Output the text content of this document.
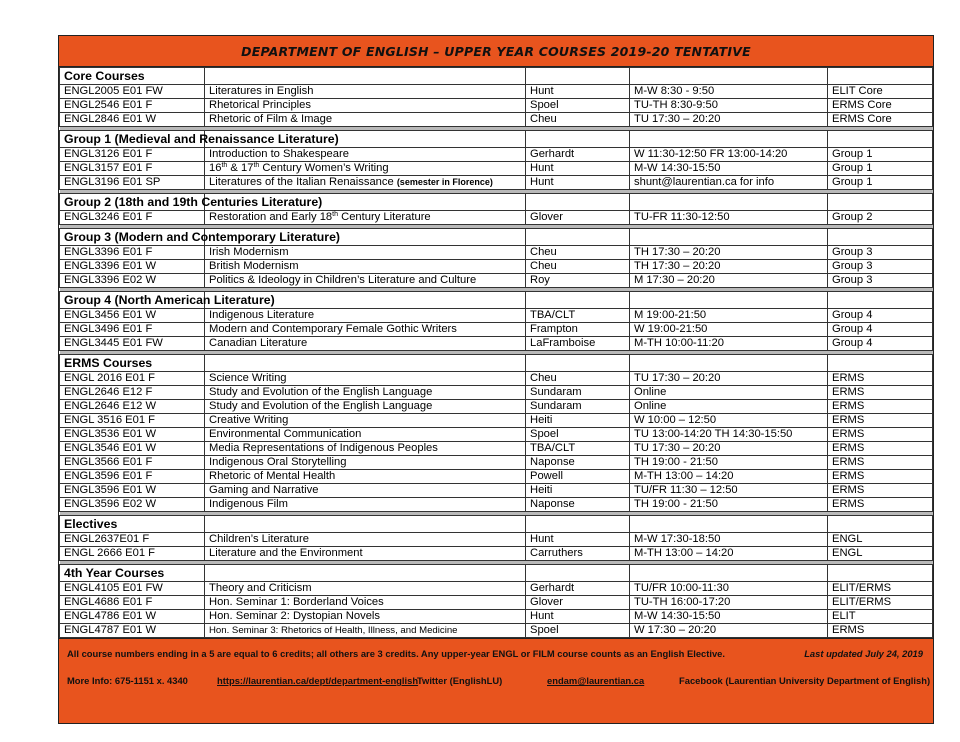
DEPARTMENT OF ENGLISH – UPPER YEAR COURSES 2019-20 TENTATIVE
Core Courses				
ENGL2005 E01 FW	Literatures in English	Hunt	M-W 8:30 - 9:50	ELIT Core
ENGL2546 E01 F	Rhetorical Principles	Spoel	TU-TH 8:30-9:50	ERMS Core
ENGL2846 E01 W	Rhetoric of Film & Image	Cheu	TU 17:30 – 20:20	ERMS Core

Group 1 (Medieval and Renaissance Literature)				
ENGL3126 E01 F	Introduction to Shakespeare	Gerhardt	W 11:30-12:50 FR 13:00-14:20	Group 1
ENGL3157 E01 F	16th & 17th Century Women’s Writing	Hunt	M-W 14:30-15:50	Group 1
ENGL3196 E01 SP	Literatures of the Italian Renaissance (semester in Florence)	Hunt	shunt@laurentian.ca for info	Group 1

Group 2 (18th and 19th Centuries Literature)				
ENGL3246 E01 F	Restoration and Early 18th Century Literature	Glover	TU-FR 11:30-12:50	Group 2

Group 3 (Modern and Contemporary Literature)				
ENGL3396 E01 F	Irish Modernism	Cheu	TH 17:30 – 20:20	Group 3
ENGL3396 E01 W	British Modernism	Cheu	TH 17:30 – 20:20	Group 3
ENGL3396 E02 W	Politics & Ideology in Children’s Literature and Culture	Roy	M 17:30 – 20:20	Group 3

Group 4 (North American Literature)				
ENGL3456 E01 W	Indigenous Literature	TBA/CLT	M 19:00-21:50	Group 4
ENGL3496 E01 F	Modern and Contemporary Female Gothic Writers	Frampton	W 19:00-21:50	Group 4
ENGL3445 E01 FW	Canadian Literature	LaFramboise	M-TH 10:00-11:20	Group 4

ERMS Courses				
ENGL 2016 E01 F	Science Writing	Cheu	TU 17:30 – 20:20	ERMS
ENGL2646 E12 F	Study and Evolution of the English Language	Sundaram	Online	ERMS
ENGL2646 E12 W	Study and Evolution of the English Language	Sundaram	Online	ERMS
ENGL 3516 E01 F	Creative Writing	Heiti	W 10:00 – 12:50	ERMS
ENGL3536 E01 W	Environmental Communication	Spoel	TU 13:00-14:20 TH 14:30-15:50	ERMS
ENGL3546 E01 W	Media Representations of Indigenous Peoples	TBA/CLT	TU 17:30 – 20:20	ERMS
ENGL3566 E01 F	Indigenous Oral Storytelling	Naponse	TH 19:00 - 21:50	ERMS
ENGL3596 E01 F	Rhetoric of Mental Health	Powell	M-TH 13:00 – 14:20	ERMS
ENGL3596 E01 W	Gaming and Narrative	Heiti	TU/FR 11:30 – 12:50	ERMS
ENGL3596 E02 W	Indigenous Film	Naponse	TH 19:00 - 21:50	ERMS

Electives				
ENGL2637E01 F	Children’s Literature	Hunt	M-W 17:30-18:50	ENGL
ENGL 2666 E01 F	Literature and the Environment	Carruthers	M-TH 13:00 – 14:20	ENGL

4th Year Courses				
ENGL4105 E01 FW	Theory and Criticism	Gerhardt	TU/FR 10:00-11:30	ELIT/ERMS
ENGL4686 E01 F	Hon. Seminar 1: Borderland Voices	Glover	TU-TH 16:00-17:20	ELIT/ERMS
ENGL4786 E01 W	Hon. Seminar 2: Dystopian Novels	Hunt	M-W 14:30-15:50	ELIT
ENGL4787 E01 W	Hon. Seminar 3: Rhetorics of Health, Illness, and Medicine	Spoel	W 17:30 – 20:20	ERMS
All course numbers ending in a 5 are equal to 6 credits; all others are 3 credits. Any upper-year ENGL or FILM course counts as an English Elective.	Last updated July 24, 2019
More Info: 675-1151 x. 4340	https://laurentian.ca/dept/department-english
Twitter (EnglishLU)	endam@laurentian.ca	Facebook (Laurentian University Department of English)
